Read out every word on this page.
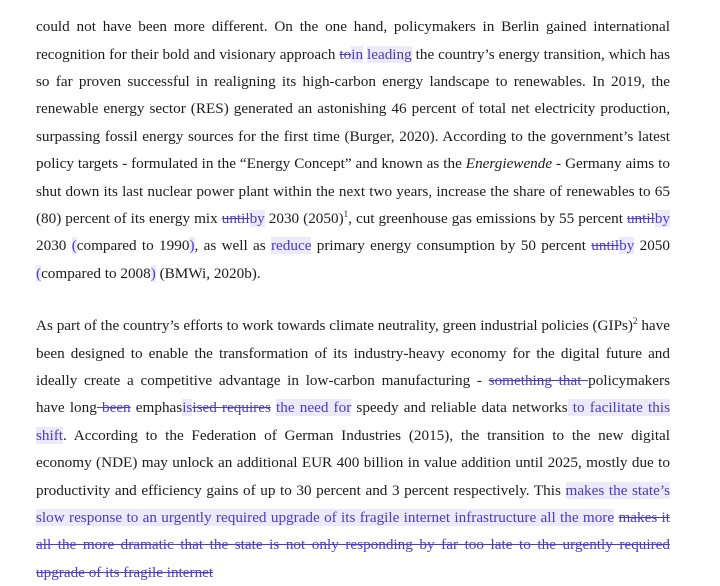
could not have been more different. On the one hand, policymakers in Berlin gained international recognition for their bold and visionary approach toin leading the country’s energy transition, which has so far proven successful in realigning its high-carbon energy landscape to renewables. In 2019, the renewable energy sector (RES) generated an astonishing 46 percent of total net electricity production, surpassing fossil energy sources for the first time (Burger, 2020). According to the government’s latest policy targets - formulated in the “Energy Concept” and known as the Energiewende - Germany aims to shut down its last nuclear power plant within the next two years, increase the share of renewables to 65 (80) percent of its energy mix untilby 2030 $(2050)^1$, cut greenhouse gas emissions by 55 percent untilby 2030 (compared to 1990), as well as reduce primary energy consumption by 50 percent untilby 2050 (compared to 2008) (BMWi, 2020b).

As part of the country’s efforts to work towards climate neutrality, green industrial policies (GIPs)$^2$ have been designed to enable the transformation of its industry-heavy economy for the digital future and ideally create a competitive advantage in low-carbon manufacturing - something that policymakers have long been emphasisised requires the need for speedy and reliable data networks to facilitate this shift. According to the Federation of German Industries (2015), the transition to the new digital economy (NDE) may unlock an additional EUR 400 billion in value addition until 2025, mostly due to productivity and efficiency gains of up to 30 percent and 3 percent respectively. This makes the state’s slow response to an urgently required upgrade of its fragile internet infrastructure all the more makes it all the more dramatic that the state is not only responding by far too late to the urgently required upgrade of its fragile internet
